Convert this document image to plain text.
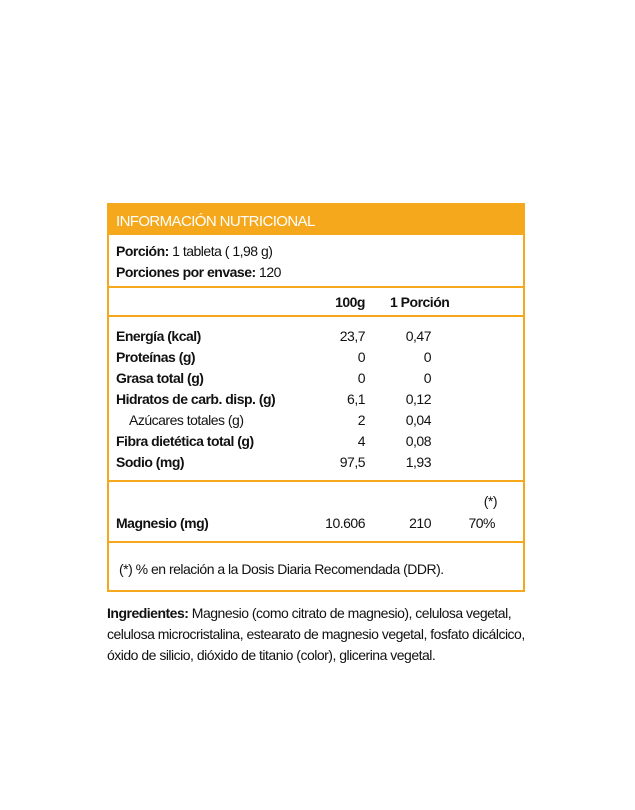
INFORMACIÓN NUTRICIONAL
Porción: 1 tableta ( 1,98 g)
Porciones por envase: 120
100g 1 Porción
Energía (kcal)	23,7	0,47
Proteínas (g)	0	0
Grasa total (g)	0	0
Hidratos de carb. disp. (g)	6,1	0,12
Azúcares totales (g)	2	0,04
Fibra dietética total (g)	4	0,08
Sodio (mg)	97,5	1,93
(*)
Magnesio (mg)	10.606	210	70%
(*) % en relación a la Dosis Diaria Recomendada (DDR).
Ingredientes: Magnesio (como citrato de magnesio), celulosa vegetal,
celulosa microcristalina, estearato de magnesio vegetal, fosfato dicálcico,
óxido de silicio, dióxido de titanio (color), glicerina vegetal.
